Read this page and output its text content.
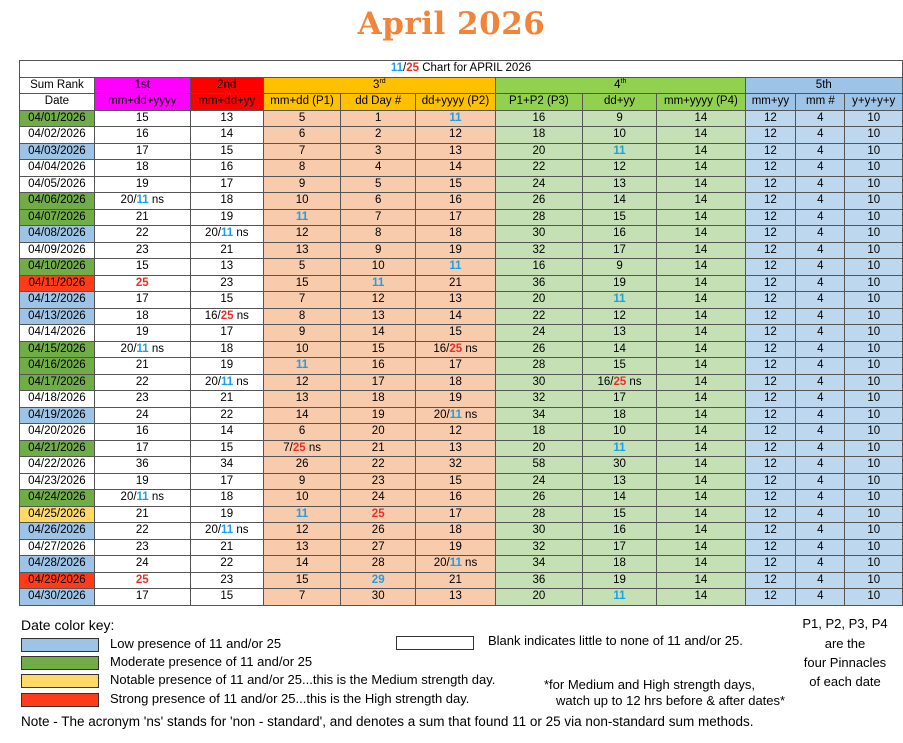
April 2026
11/25 Chart for APRIL 2026											
Sum Rank	1st	2nd	3rd			4th			5th		
Date	mm+dd+yyyy	mm+dd+yy	mm+dd (P1)	dd Day #	dd+yyyy (P2)	P1+P2 (P3)	dd+yy	mm+yyyy (P4)	mm+yy	mm #	y+y+y+y
04/01/2026	15	13	5	1	11	16	9	14	12	4	10
04/02/2026	16	14	6	2	12	18	10	14	12	4	10
04/03/2026	17	15	7	3	13	20	11	14	12	4	10
04/04/2026	18	16	8	4	14	22	12	14	12	4	10
04/05/2026	19	17	9	5	15	24	13	14	12	4	10
04/06/2026	20/11 ns	18	10	6	16	26	14	14	12	4	10
04/07/2026	21	19	11	7	17	28	15	14	12	4	10
04/08/2026	22	20/11 ns	12	8	18	30	16	14	12	4	10
04/09/2026	23	21	13	9	19	32	17	14	12	4	10
04/10/2026	15	13	5	10	11	16	9	14	12	4	10
04/11/2026	25	23	15	11	21	36	19	14	12	4	10
04/12/2026	17	15	7	12	13	20	11	14	12	4	10
04/13/2026	18	16/25 ns	8	13	14	22	12	14	12	4	10
04/14/2026	19	17	9	14	15	24	13	14	12	4	10
04/15/2026	20/11 ns	18	10	15	16/25 ns	26	14	14	12	4	10
04/16/2026	21	19	11	16	17	28	15	14	12	4	10
04/17/2026	22	20/11 ns	12	17	18	30	16/25 ns	14	12	4	10
04/18/2026	23	21	13	18	19	32	17	14	12	4	10
04/19/2026	24	22	14	19	20/11 ns	34	18	14	12	4	10
04/20/2026	16	14	6	20	12	18	10	14	12	4	10
04/21/2026	17	15	7/25 ns	21	13	20	11	14	12	4	10
04/22/2026	36	34	26	22	32	58	30	14	12	4	10
04/23/2026	19	17	9	23	15	24	13	14	12	4	10
04/24/2026	20/11 ns	18	10	24	16	26	14	14	12	4	10
04/25/2026	21	19	11	25	17	28	15	14	12	4	10
04/26/2026	22	20/11 ns	12	26	18	30	16	14	12	4	10
04/27/2026	23	21	13	27	19	32	17	14	12	4	10
04/28/2026	24	22	14	28	20/11 ns	34	18	14	12	4	10
04/29/2026	25	23	15	29	21	36	19	14	12	4	10
04/30/2026	17	15	7	30	13	20	11	14	12	4	10
Date color key:
Low presence of 11 and/or 25
Moderate presence of 11 and/or 25
Notable presence of 11 and/or 25...this is the Medium strength day.
Strong presence of 11 and/or 25...this is the High strength day.
Blank indicates little to none of 11 and/or 25.
*for Medium and High strength days,
watch up to 12 hrs before & after dates*
P1, P2, P3, P4
are the
four Pinnacles
of each date
Note - The acronym 'ns' stands for 'non - standard', and denotes a sum that found 11 or 25 via non-standard sum methods.
